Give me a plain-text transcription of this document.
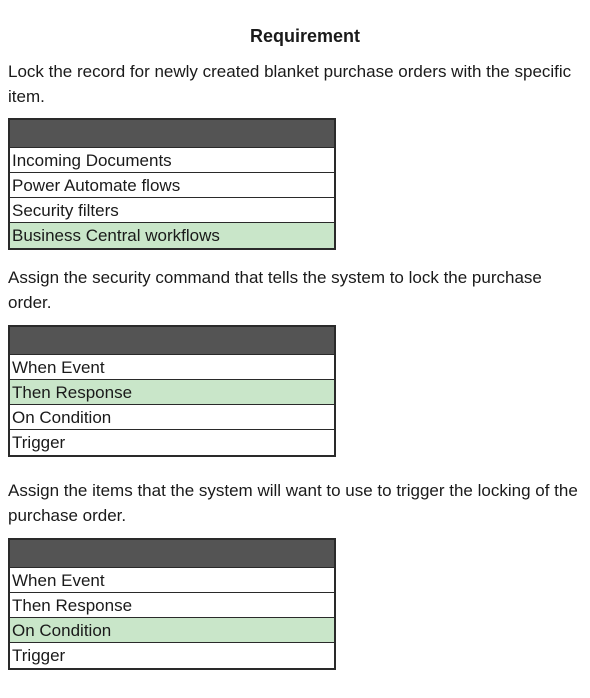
Requirement
Lock the record for newly created blanket purchase orders with the specific item.
Incoming Documents
Power Automate flows
Security filters
Business Central workflows
Assign the security command that tells the system to lock the purchase order.
When Event
Then Response
On Condition
Trigger
Assign the items that the system will want to use to trigger the locking of the purchase order.
When Event
Then Response
On Condition
Trigger
